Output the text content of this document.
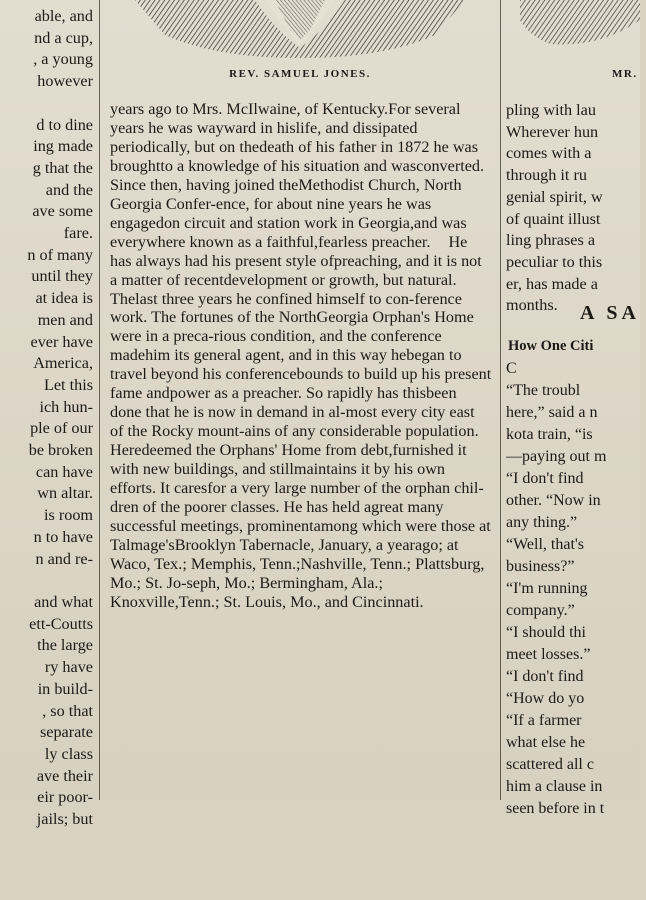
REV. SAMUEL JONES.	MR.
able, and
nd a cup,
, a young
however

d to dine
ing made
g that the
and the
ave some
fare.
n of many
until they
at idea is
men and
ever have
America,
Let this
ich hun-
ple of our
be broken
can have
wn altar.
is room
n to have
n and re-

and what
ett-Coutts
the large
ry have
in build-
, so that
separate
ly class
ave their
eir poor-
jails; but
years ago to Mrs. McIlwaine, of Kentucky.For several years he was wayward in hislife, and dissipated periodically, but on thedeath of his father in 1872 he was broughtto a knowledge of his situation and wasconverted. Since then, having joined theMethodist Church, North Georgia Confer-ence, for about nine years he was engagedon circuit and station work in Georgia,and was everywhere known as a faithful,fearless preacher. He has always had his present style ofpreaching, and it is not a matter of recentdevelopment or growth, but natural. Thelast three years he confined himself to con-ference work. The fortunes of the NorthGeorgia Orphan's Home were in a preca-rious condition, and the conference madehim its general agent, and in this way hebegan to travel beyond his conferencebounds to build up his present fame andpower as a preacher. So rapidly has thisbeen done that he is now in demand in al-most every city east of the Rocky mount-ains of any considerable population. Heredeemed the Orphans' Home from debt,furnished it with new buildings, and stillmaintains it by his own efforts. It caresfor a very large number of the orphan chil-dren of the poorer classes. He has held agreat many successful meetings, prominentamong which were those at Talmage'sBrooklyn Tabernacle, January, a yearago; at Waco, Tex.; Memphis, Tenn.;Nashville, Tenn.; Plattsburg, Mo.; St. Jo-seph, Mo.; Bermingham, Ala.; Knoxville,Tenn.; St. Louis, Mo., and Cincinnati.
pling with lau
Wherever hun
comes with a
through it ru
genial spirit, w
of quaint illust
ling phrases a
peculiar to this
er, has made a
months.	A SA
How One Citi
C
“The troubl
here,” said a n
kota train, “is
—paying out m
“I don't find
other. “Now in
any thing.”
“Well, that's
business?”
“I'm running
company.”
“I should thi
meet losses.”
“I don't find
“How do yo
“If a farmer
what else he
scattered all c
him a clause in
seen before in t
